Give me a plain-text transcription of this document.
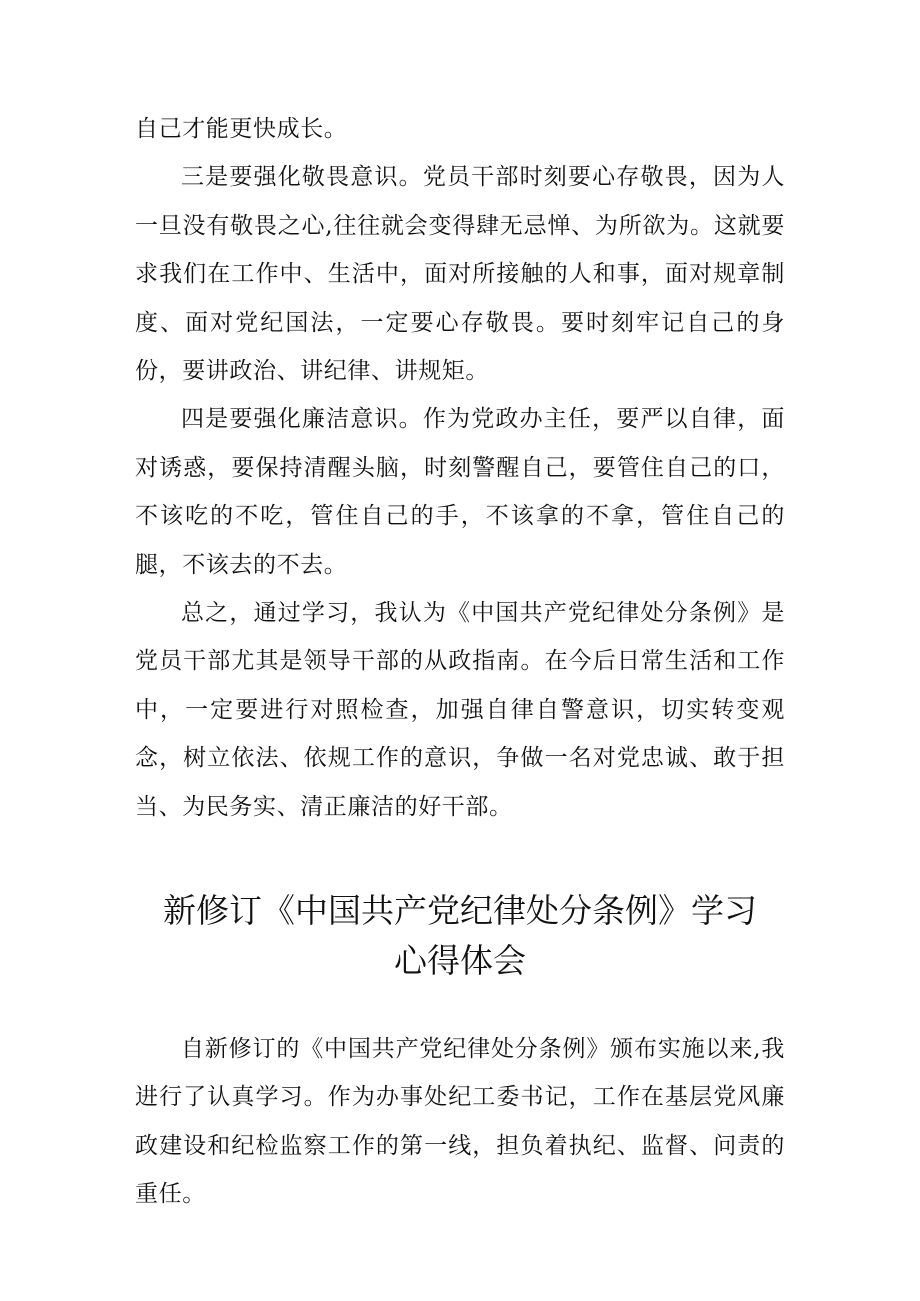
自己才能更快成长。

三是要强化敬畏意识。党员干部时刻要心存敬畏，因为人一旦没有敬畏之心,往往就会变得肆无忌惮、为所欲为。这就要求我们在工作中、生活中，面对所接触的人和事，面对规章制度、面对党纪国法，一定要心存敬畏。要时刻牢记自己的身份，要讲政治、讲纪律、讲规矩。

四是要强化廉洁意识。作为党政办主任，要严以自律，面对诱惑，要保持清醒头脑，时刻警醒自己，要管住自己的口，不该吃的不吃，管住自己的手，不该拿的不拿，管住自己的腿，不该去的不去。

总之，通过学习，我认为《中国共产党纪律处分条例》是党员干部尤其是领导干部的从政指南。在今后日常生活和工作中，一定要进行对照检查，加强自律自警意识，切实转变观念，树立依法、依规工作的意识，争做一名对党忠诚、敢于担当、为民务实、清正廉洁的好干部。

新修订《中国共产党纪律处分条例》学习
心得体会

自新修订的《中国共产党纪律处分条例》颁布实施以来,我进行了认真学习。作为办事处纪工委书记，工作在基层党风廉政建设和纪检监察工作的第一线，担负着执纪、监督、问责的重任。
